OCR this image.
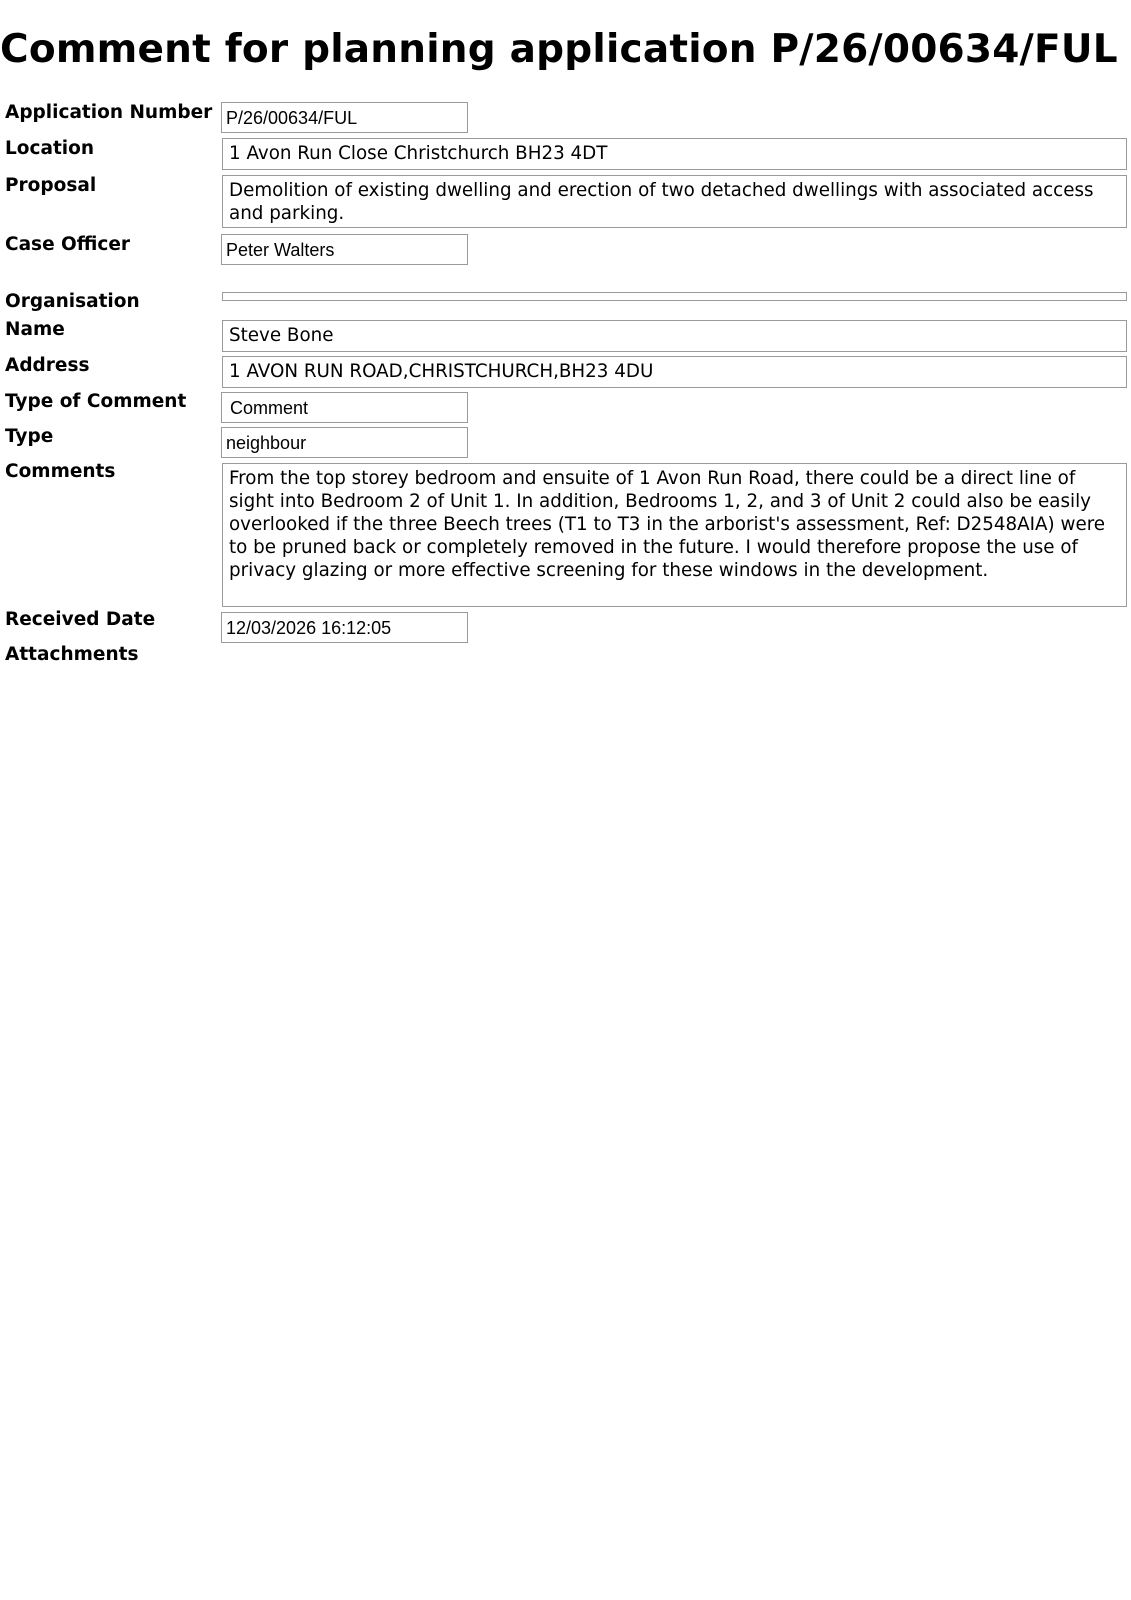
Comment for planning application P/26/00634/FUL
Application Number P/26/00634/FUL
Location	1 Avon Run Close Christchurch BH23 4DT
Proposal	Demolition of existing dwelling and erection of two detached dwellings with associated access and parking.
Case Officer	Peter Walters
Organisation
Name	Steve Bone
Address	1 AVON RUN ROAD,CHRISTCHURCH,BH23 4DU
Type of Comment	Comment
Type	neighbour
Comments	From the top storey bedroom and ensuite of 1 Avon Run Road, there could be a direct line of sight into Bedroom 2 of Unit 1. In addition, Bedrooms 1, 2, and 3 of Unit 2 could also be easily overlooked if the three Beech trees (T1 to T3 in the arborist's assessment, Ref: D2548AIA) were to be pruned back or completely removed in the future. I would therefore propose the use of privacy glazing or more effective screening for these windows in the development.
Received Date	12/03/2026 16:12:05
Attachments
